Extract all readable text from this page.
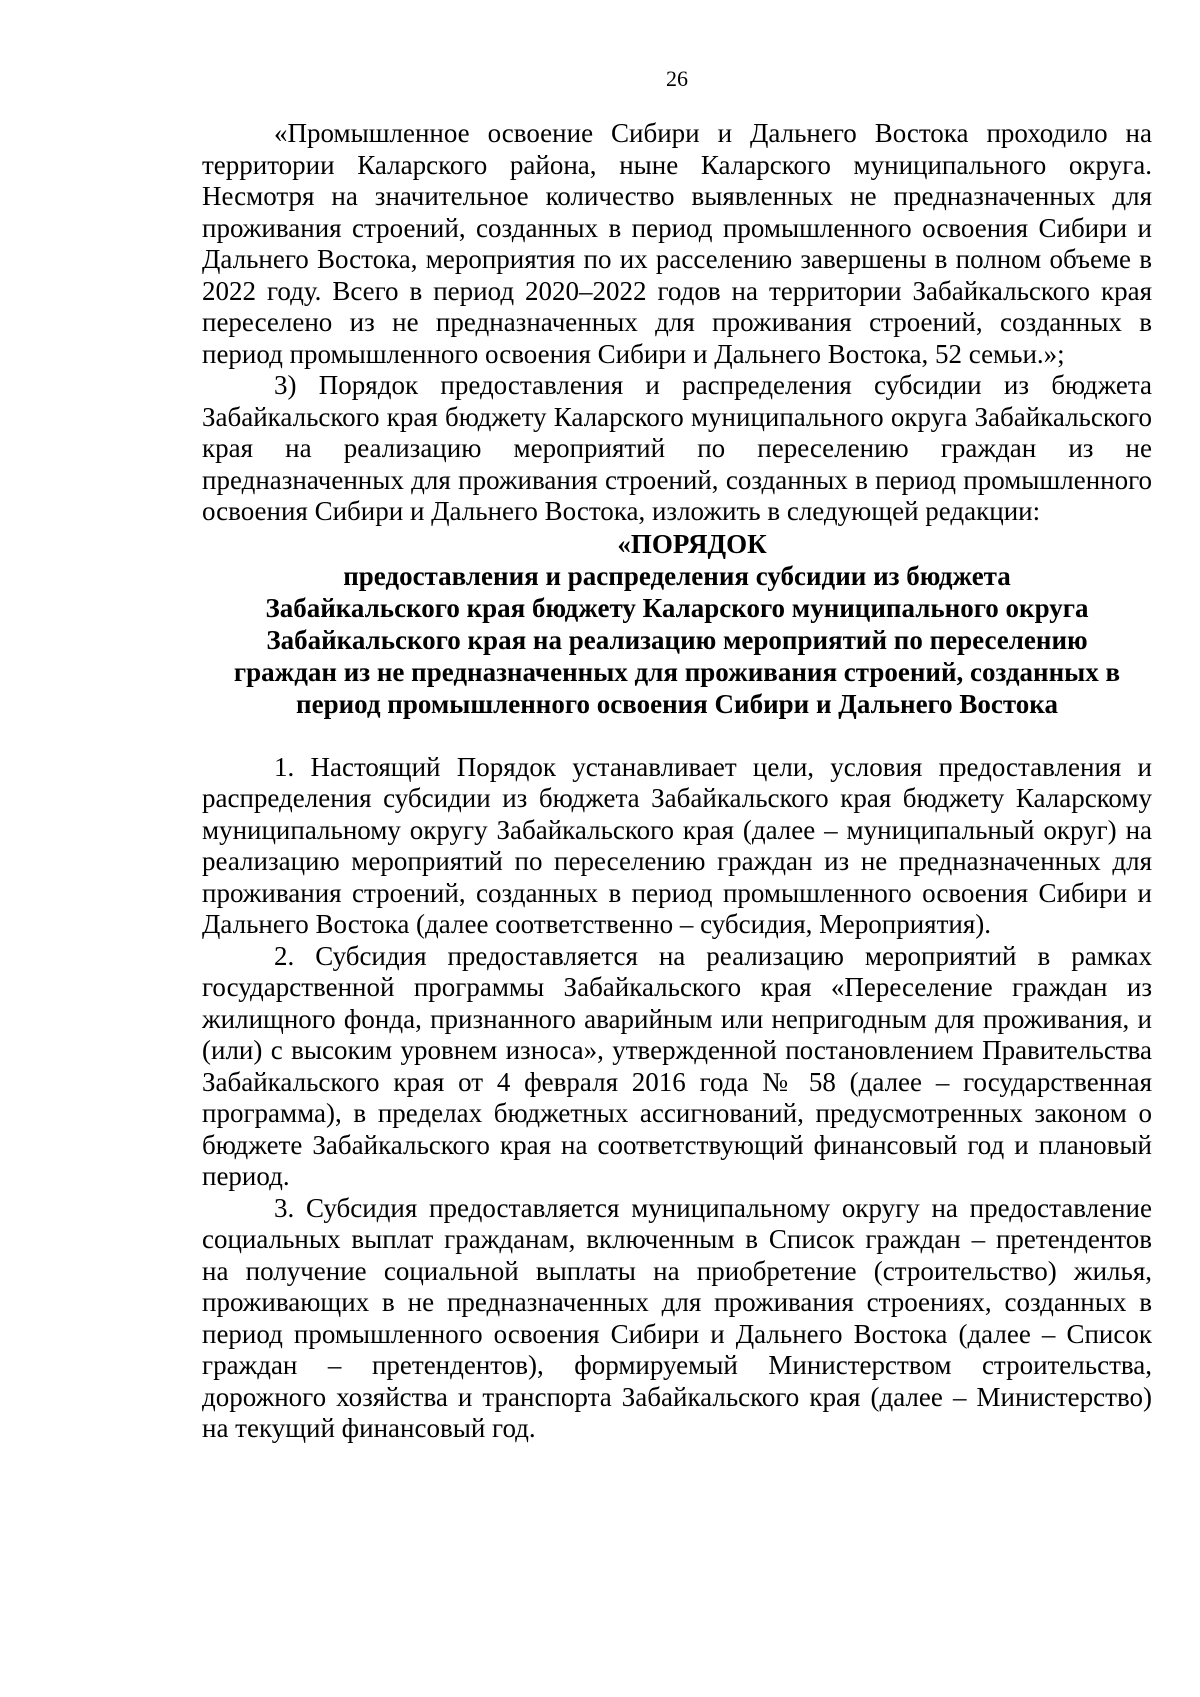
26

«Промышленное освоение Сибири и Дальнего Востока проходило на территории Каларского района, ныне Каларского муниципального округа. Несмотря на значительное количество выявленных не предназначенных для проживания строений, созданных в период промышленного освоения Сибири и Дальнего Востока, мероприятия по их расселению завершены в полном объеме в 2022 году. Всего в период 2020–2022 годов на территории Забайкальского края переселено из не предназначенных для проживания строений, созданных в период промышленного освоения Сибири и Дальнего Востока, 52 семьи.»;

3) Порядок предоставления и распределения субсидии из бюджета Забайкальского края бюджету Каларского муниципального округа Забайкальского края на реализацию мероприятий по переселению граждан из не предназначенных для проживания строений, созданных в период промышленного освоения Сибири и Дальнего Востока, изложить в следующей редакции:

«ПОРЯДОК

предоставления и распределения субсидии из бюджета

Забайкальского края бюджету Каларского муниципального округа

Забайкальского края на реализацию мероприятий по переселению

граждан из не предназначенных для проживания строений, созданных в

период промышленного освоения Сибири и Дальнего Востока

1. Настоящий Порядок устанавливает цели, условия предоставления и распределения субсидии из бюджета Забайкальского края бюджету Каларскому муниципальному округу Забайкальского края (далее – муниципальный округ) на реализацию мероприятий по переселению граждан из не предназначенных для проживания строений, созданных в период промышленного освоения Сибири и Дальнего Востока (далее соответственно – субсидия, Мероприятия).

2. Субсидия предоставляется на реализацию мероприятий в рамках государственной программы Забайкальского края «Переселение граждан из жилищного фонда, признанного аварийным или непригодным для проживания, и (или) с высоким уровнем износа», утвержденной постановлением Правительства Забайкальского края от 4 февраля 2016 года № 58 (далее – государственная программа), в пределах бюджетных ассигнований, предусмотренных законом о бюджете Забайкальского края на соответствующий финансовый год и плановый период.

3. Субсидия предоставляется муниципальному округу на предоставление социальных выплат гражданам, включенным в Список граждан – претендентов на получение социальной выплаты на приобретение (строительство) жилья, проживающих в не предназначенных для проживания строениях, созданных в период промышленного освоения Сибири и Дальнего Востока (далее – Список граждан – претендентов), формируемый Министерством строительства, дорожного хозяйства и транспорта Забайкальского края (далее – Министерство) на текущий финансовый год.
